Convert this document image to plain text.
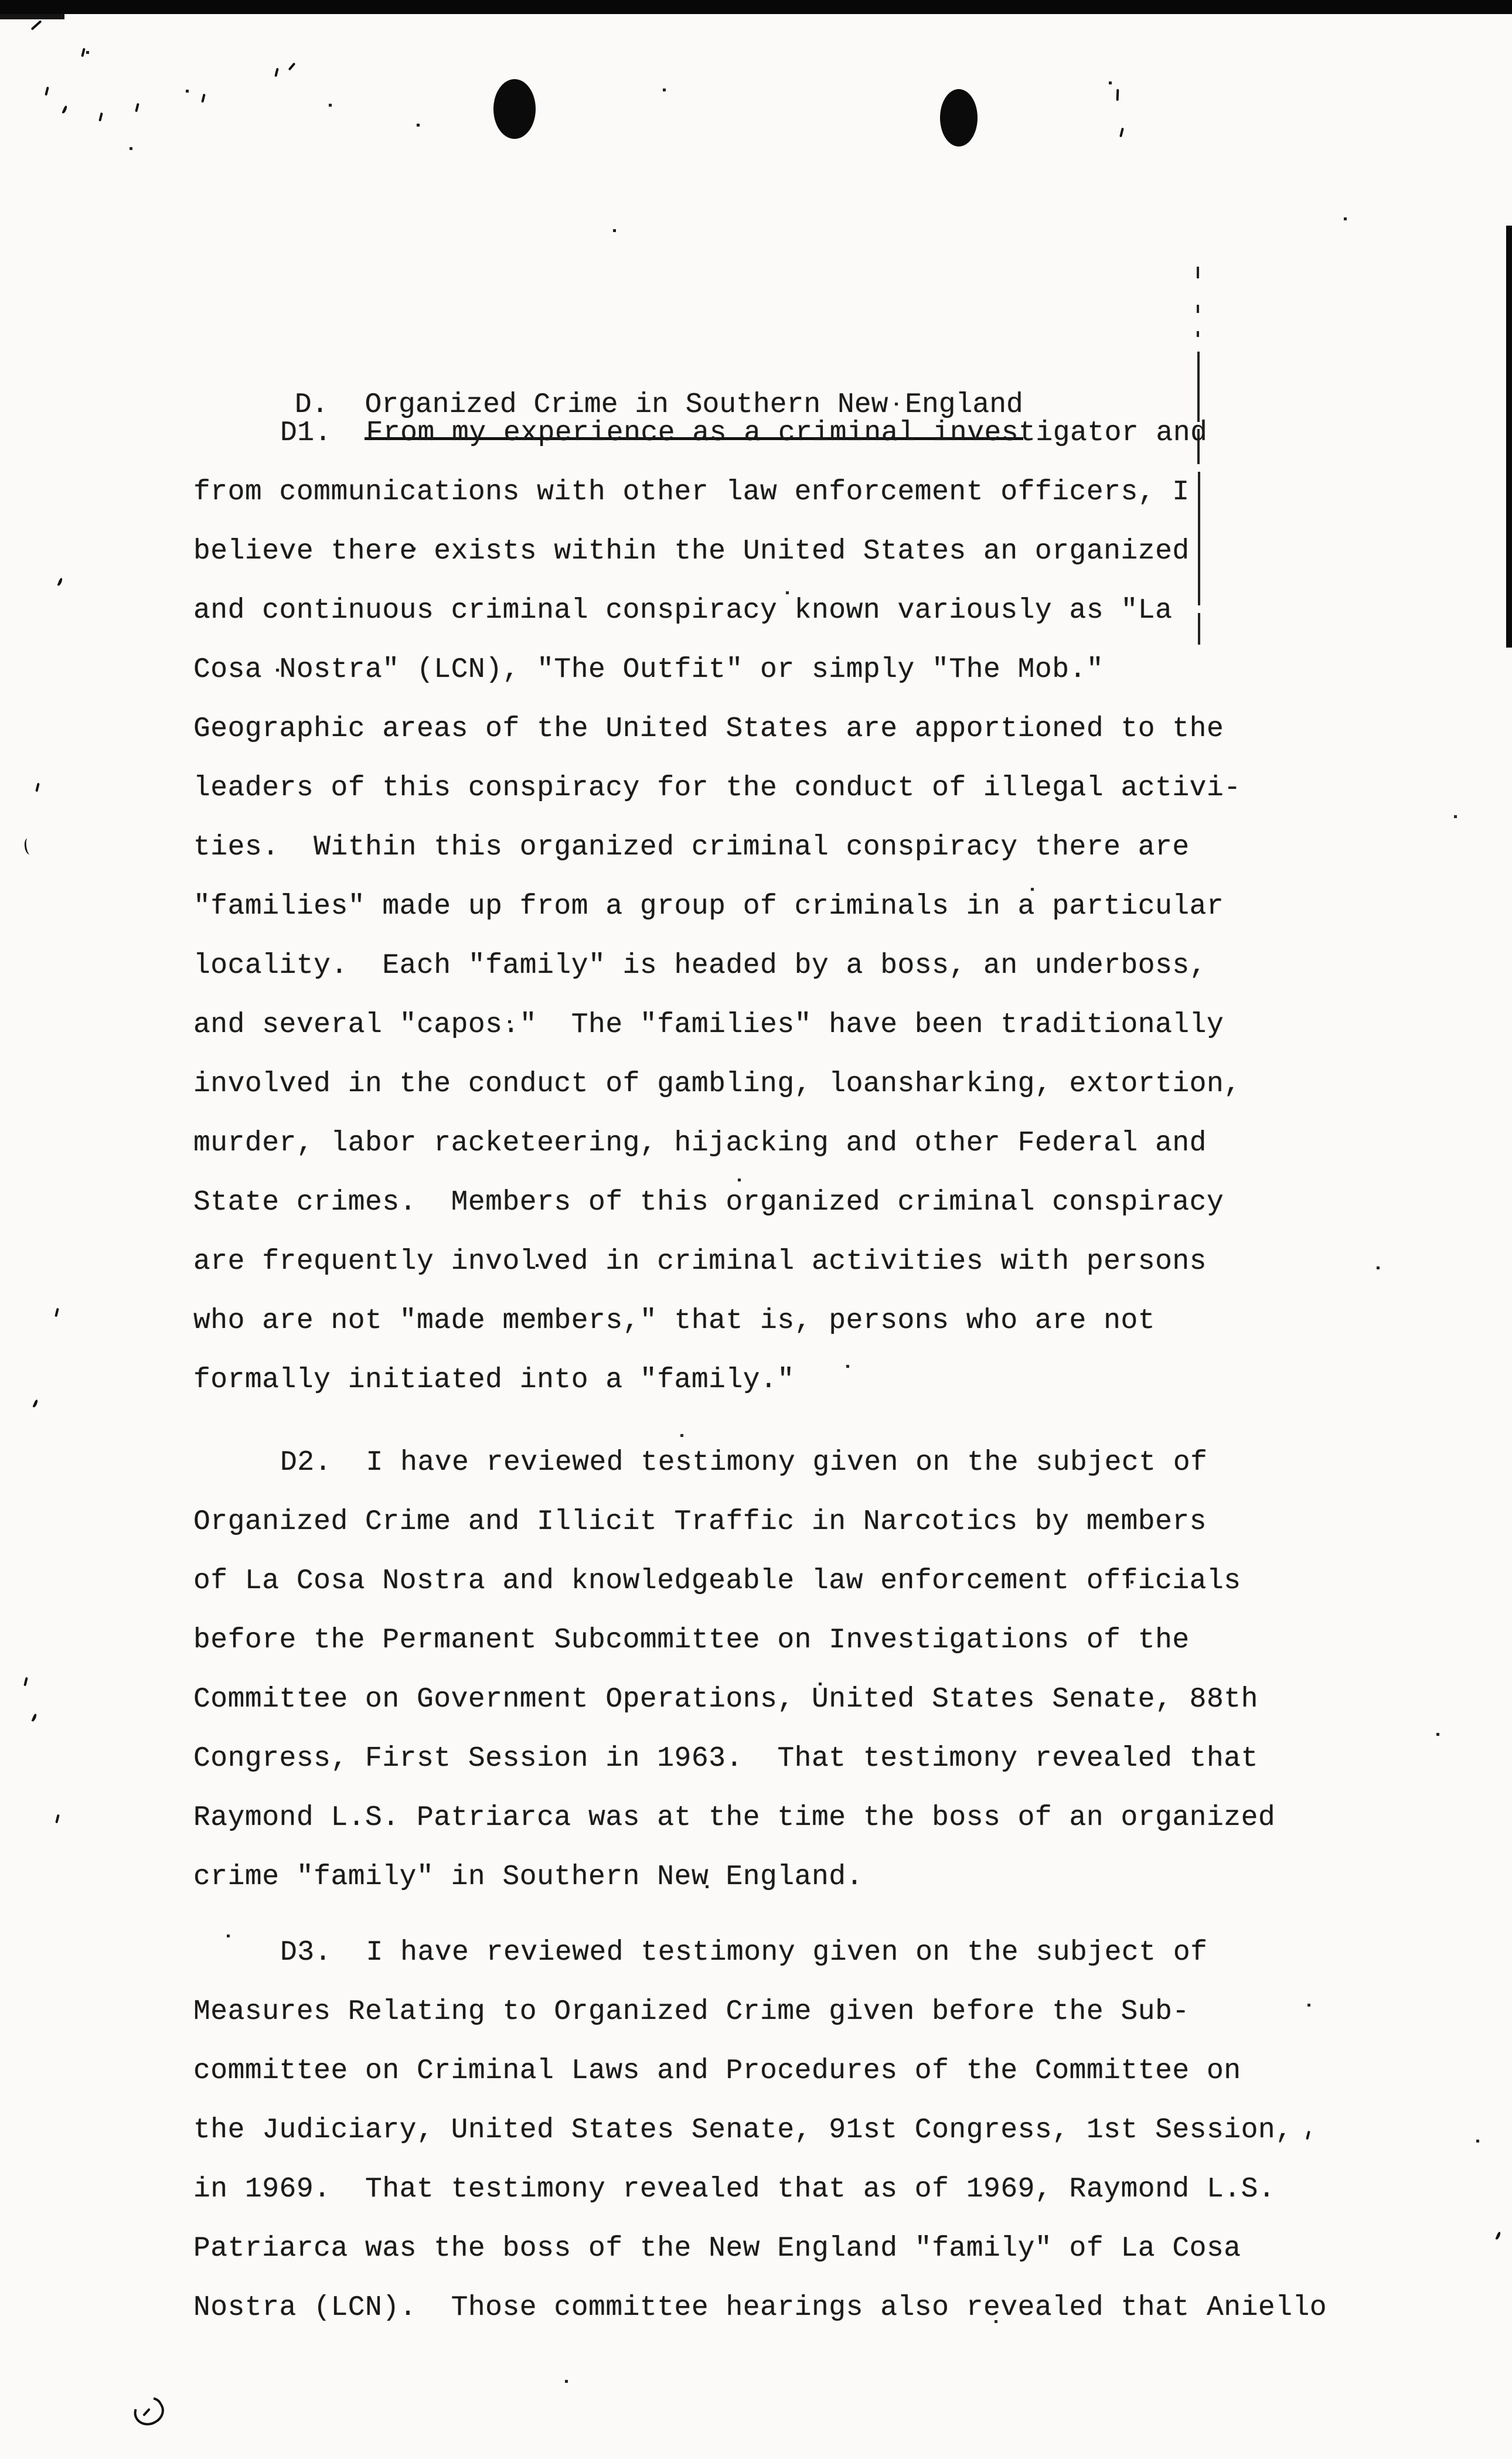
D. Organized Crime in Southern New England

D1.  From my experience as a criminal investigator and
from communications with other law enforcement officers, I
believe there exists within the United States an organized
and continuous criminal conspiracy known variously as "La
Cosa Nostra" (LCN), "The Outfit" or simply "The Mob."
Geographic areas of the United States are apportioned to the
leaders of this conspiracy for the conduct of illegal activi-
ties.  Within this organized criminal conspiracy there are
"families" made up from a group of criminals in a particular
locality.  Each "family" is headed by a boss, an underboss,
and several "capos."  The "families" have been traditionally
involved in the conduct of gambling, loansharking, extortion,
murder, labor racketeering, hijacking and other Federal and
State crimes.  Members of this organized criminal conspiracy
are frequently involved in criminal activities with persons
who are not "made members," that is, persons who are not
formally initiated into a "family."
D2.  I have reviewed testimony given on the subject of
Organized Crime and Illicit Traffic in Narcotics by members
of La Cosa Nostra and knowledgeable law enforcement officials
before the Permanent Subcommittee on Investigations of the
Committee on Government Operations, United States Senate, 88th
Congress, First Session in 1963.  That testimony revealed that
Raymond L.S. Patriarca was at the time the boss of an organized
crime "family" in Southern New England.
D3.  I have reviewed testimony given on the subject of
Measures Relating to Organized Crime given before the Sub-
committee on Criminal Laws and Procedures of the Committee on
the Judiciary, United States Senate, 91st Congress, 1st Session,
in 1969.  That testimony revealed that as of 1969, Raymond L.S.
Patriarca was the boss of the New England "family" of La Cosa
Nostra (LCN).  Those committee hearings also revealed that Aniello
